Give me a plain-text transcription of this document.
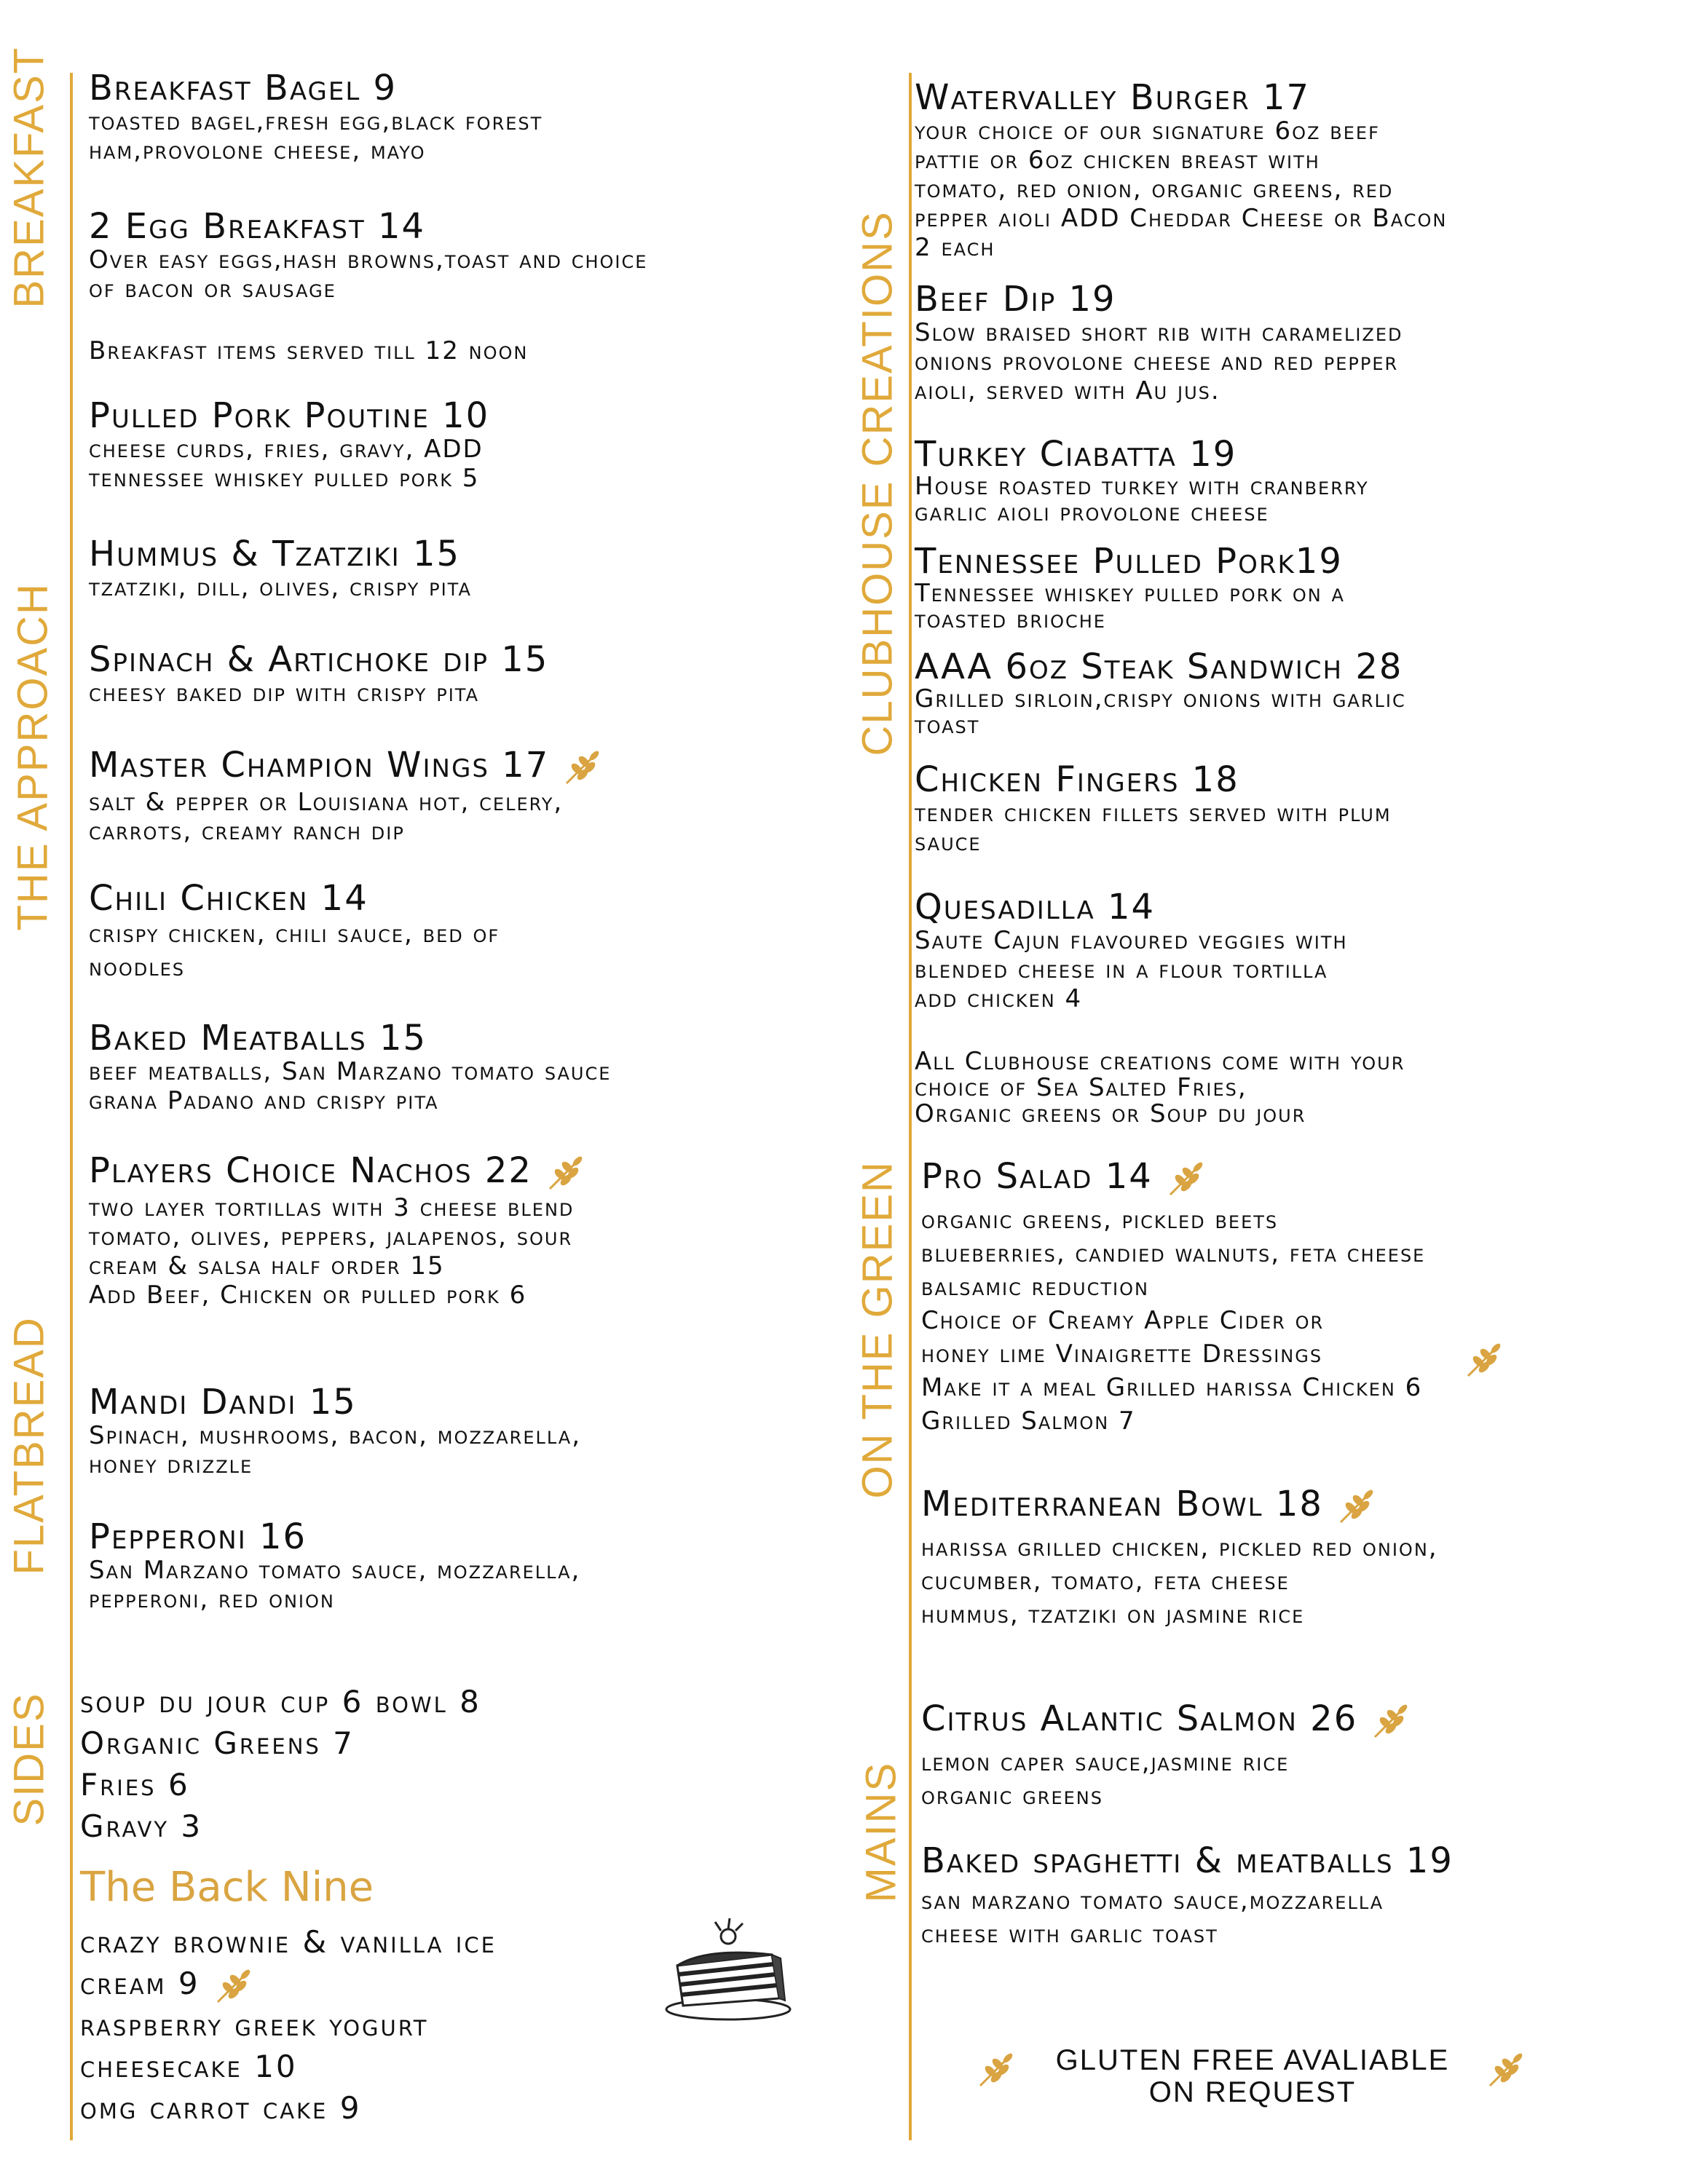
BREAKFAST
THE APPROACH
FLATBREAD
SIDES
CLUBHOUSE CREATIONS
ON THE GREEN
MAINS
Breakfast Bagel 9

toasted bagel,fresh egg,black forest
ham,provolone cheese, mayo

2 Egg Breakfast 14

Over easy eggs,hash browns,toast and choice
of bacon or sausage

Breakfast items served till 12 noon
Pulled Pork Poutine 10

cheese curds, fries, gravy, ADD
tennessee whiskey pulled pork 5

Hummus & Tzatziki 15

tzatziki, dill, olives, crispy pita

Spinach & Artichoke dip 15

cheesy baked dip with crispy pita

Master Champion Wings 17

salt & pepper or Louisiana hot, celery,
carrots, creamy ranch dip

Chili Chicken 14

crispy chicken, chili sauce, bed of
noodles

Baked Meatballs 15

beef meatballs, San Marzano tomato sauce
grana Padano and crispy pita

Players Choice Nachos 22

two layer tortillas with 3 cheese blend
tomato, olives, peppers, jalapenos, sour
cream & salsa half order 15
Add Beef, Chicken or pulled pork 6

Mandi Dandi 15

Spinach, mushrooms, bacon, mozzarella,
honey drizzle

Pepperoni 16

San Marzano tomato sauce, mozzarella,
pepperoni, red onion

soup du jour cup 6 bowl 8
Organic Greens 7
Fries 6
Gravy 3
The Back Nine
crazy brownie & vanilla ice
cream 9
raspberry greek yogurt
cheesecake 10
omg carrot cake 9
Watervalley Burger 17

your choice of our signature 6oz beef
pattie or 6oz chicken breast with
tomato, red onion, organic greens, red
pepper aioli ADD Cheddar Cheese or Bacon
2 each

Beef Dip 19

Slow braised short rib with caramelized
onions provolone cheese and red pepper
aioli, served with Au jus.

Turkey Ciabatta 19

House roasted turkey with cranberry
garlic aioli provolone cheese

Tennessee Pulled Pork19

Tennessee whiskey pulled pork on a
toasted brioche

AAA 6oz Steak Sandwich 28

Grilled sirloin,crispy onions with garlic
toast

Chicken Fingers 18

tender chicken fillets served with plum
sauce

Quesadilla 14

Saute Cajun flavoured veggies with
blended cheese in a flour tortilla
add chicken 4

All Clubhouse creations come with your
choice of Sea Salted Fries,
Organic greens or Soup du jour
Pro Salad 14

organic greens, pickled beets
blueberries, candied walnuts, feta cheese
balsamic reduction
Choice of Creamy Apple Cider or
honey lime Vinaigrette Dressings
Make it a meal Grilled harissa Chicken 6
Grilled Salmon 7

Mediterranean Bowl 18

harissa grilled chicken, pickled red onion,
cucumber, tomato, feta cheese
hummus, tzatziki on jasmine rice

Citrus Alantic Salmon 26

lemon caper sauce,jasmine rice
organic greens

Baked spaghetti & meatballs 19

san marzano tomato sauce,mozzarella
cheese with garlic toast

GLUTEN FREE AVALIABLE
ON REQUEST
